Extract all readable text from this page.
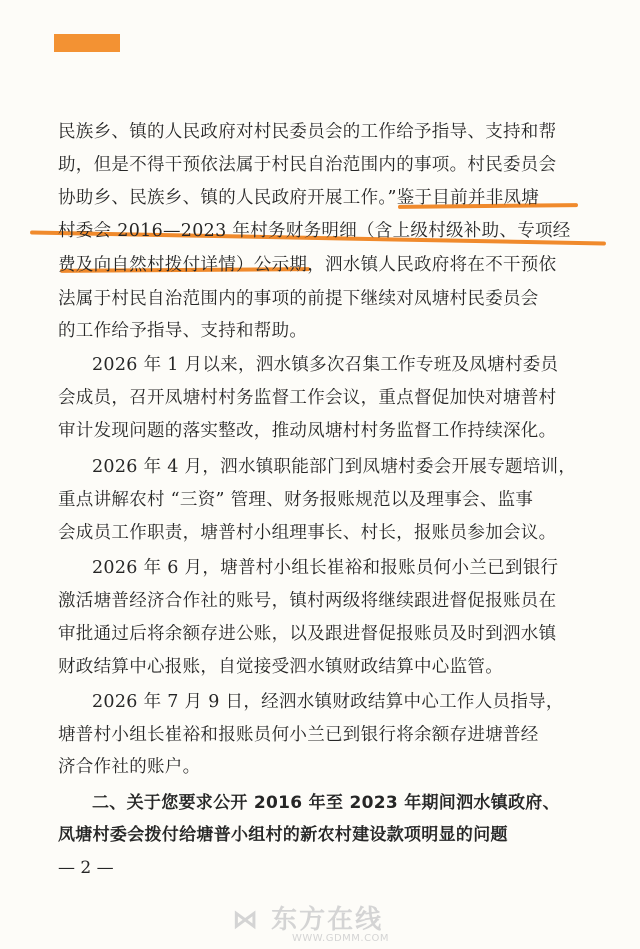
民族乡、镇的人民政府对村民委员会的工作给予指导、支持和帮
助，但是不得干预依法属于村民自治范围内的事项。村民委员会
协助乡、民族乡、镇的人民政府开展工作。”鉴于目前并非凤塘
村委会 2016—2023 年村务财务明细（含上级村级补助、专项经
费及向自然村拨付详情）公示期，泗水镇人民政府将在不干预依
法属于村民自治范围内的事项的前提下继续对凤塘村民委员会
的工作给予指导、支持和帮助。
2026 年 1 月以来，泗水镇多次召集工作专班及凤塘村委员
会成员，召开凤塘村村务监督工作会议，重点督促加快对塘普村
审计发现问题的落实整改，推动凤塘村村务监督工作持续深化。
2026 年 4 月，泗水镇职能部门到凤塘村委会开展专题培训，
重点讲解农村 “三资” 管理、财务报账规范以及理事会、监事
会成员工作职责，塘普村小组理事长、村长，报账员参加会议。
2026 年 6 月，塘普村小组长崔裕和报账员何小兰已到银行
激活塘普经济合作社的账号，镇村两级将继续跟进督促报账员在
审批通过后将余额存进公账，以及跟进督促报账员及时到泗水镇
财政结算中心报账，自觉接受泗水镇财政结算中心监管。
2026 年 7 月 9 日，经泗水镇财政结算中心工作人员指导，
塘普村小组长崔裕和报账员何小兰已到银行将余额存进塘普经
济合作社的账户。
二、关于您要求公开 2016 年至 2023 年期间泗水镇政府、
凤塘村委会拨付给塘普小组村的新农村建设款项明显的问题
— 2 —
⋈ 东方在线
WWW.GDMM.COM
